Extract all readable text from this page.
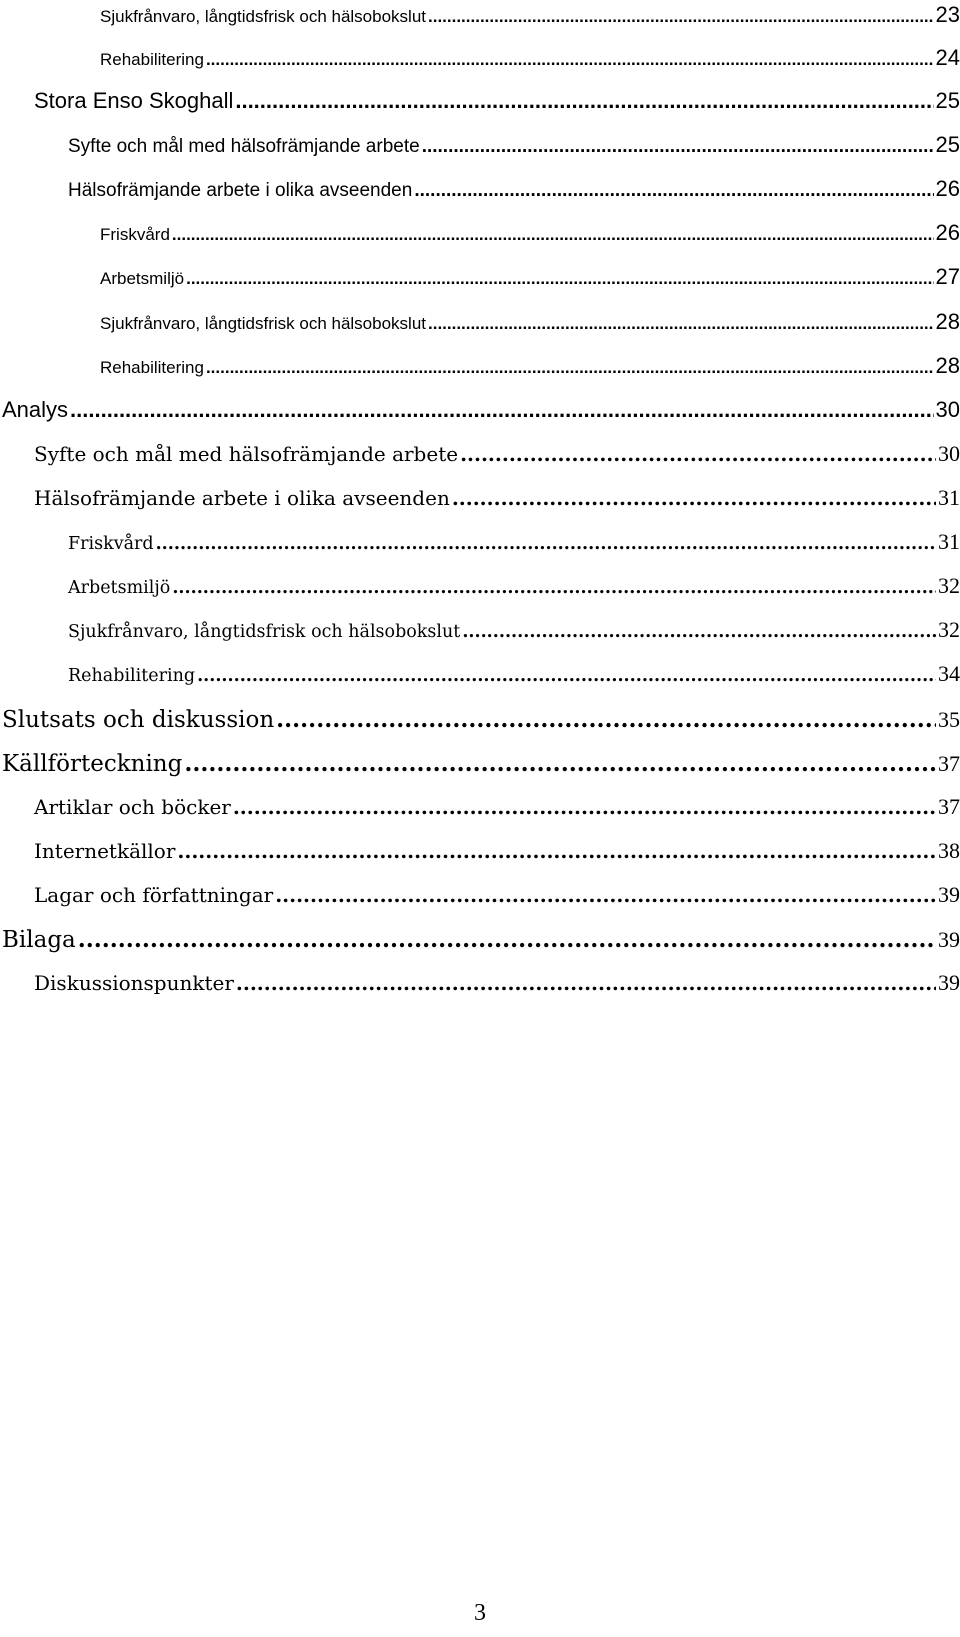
Sjukfrånvaro, långtidsfrisk och hälsobokslut .....	23
Rehabilitering .....	24
Stora Enso Skoghall .....	25
Syfte och mål med hälsofrämjande arbete .....	25
Hälsofrämjande arbete i olika avseenden .....	26
Friskvård .....	26
Arbetsmiljö .....	27
Sjukfrånvaro, långtidsfrisk och hälsobokslut .....	28
Rehabilitering .....	28
Analys .....	30
Syfte och mål med hälsofrämjande arbete .....	30
Hälsofrämjande arbete i olika avseenden .....	31
Friskvård .....	31
Arbetsmiljö .....	32
Sjukfrånvaro, långtidsfrisk och hälsobokslut .....	32
Rehabilitering .....	34
Slutsats och diskussion .....	35
Källförteckning .....	37
Artiklar och böcker .....	37
Internetkällor .....	38
Lagar och författningar .....	39
Bilaga .....	39
Diskussionspunkter .....	39
3
